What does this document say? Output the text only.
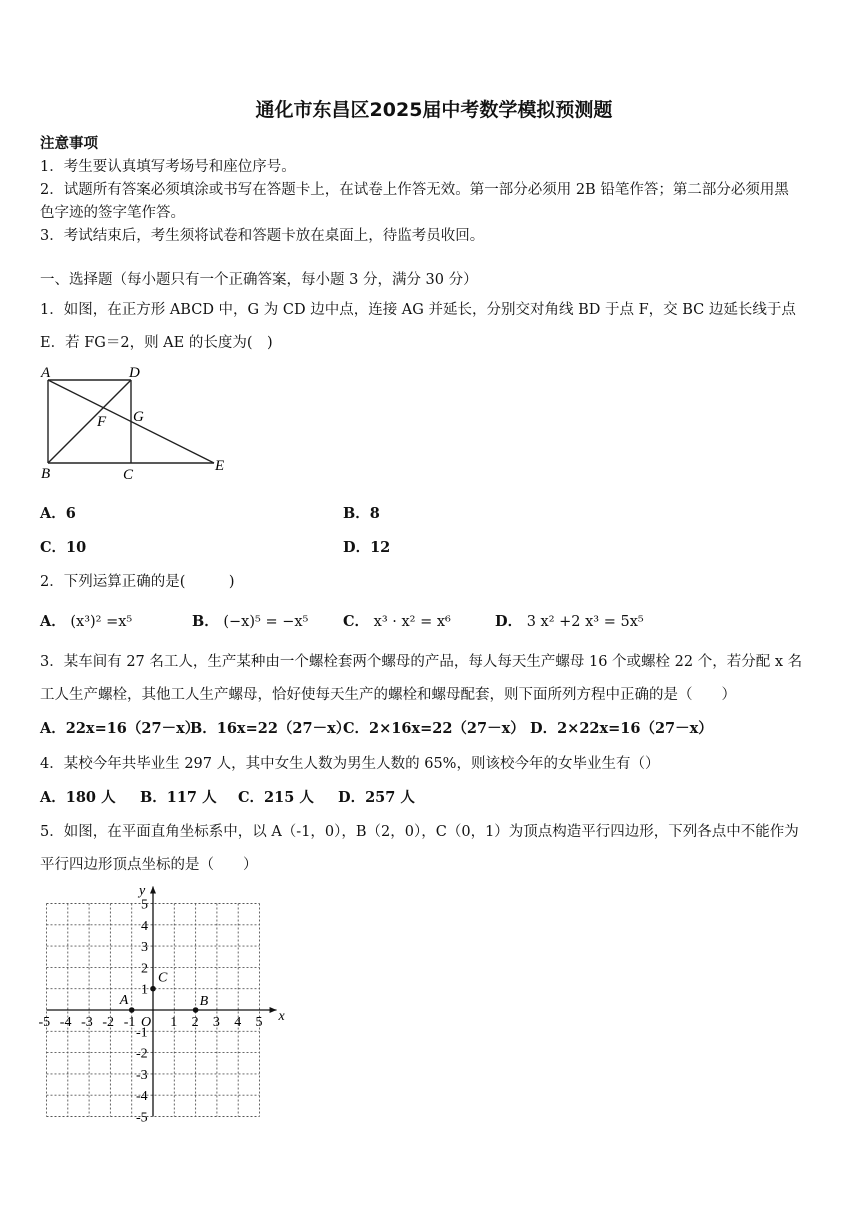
通化市东昌区2025届中考数学模拟预测题
注意事项
1．考生要认真填写考场号和座位序号。
2．试题所有答案必须填涂或书写在答题卡上，在试卷上作答无效。第一部分必须用 2B 铅笔作答；第二部分必须用黑
色字迹的签字笔作答。
3．考试结束后，考生须将试卷和答题卡放在桌面上，待监考员收回。
一、选择题（每小题只有一个正确答案，每小题 3 分，满分 30 分）
1．如图，在正方形 ABCD 中，G 为 CD 边中点，连接 AG 并延长，分别交对角线 BD 于点 F，交 BC 边延长线于点
E．若 FG＝2，则 AE 的长度为(　)
A	D
G
F
B	C
E
A．6	B．8
C．10	D．12
2．下列运算正确的是(　　　)
A． (x³)² =x⁵	B． (−x)⁵ = −x⁵ C． x³ · x² = x⁶	D． 3 x² +2 x³ = 5x⁵
3．某车间有 27 名工人，生产某种由一个螺栓套两个螺母的产品，每人每天生产螺母 16 个或螺栓 22 个，若分配 x 名
工人生产螺栓，其他工人生产螺母，恰好使每天生产的螺栓和螺母配套，则下面所列方程中正确的是（　　）
A．22x=16（27－x）
B．16x=22（27－x）
C．2×16x=22（27－x） D．2×22x=16（27－x）
4．某校今年共毕业生 297 人，其中女生人数为男生人数的 65%，则该校今年的女毕业生有（）
A．180 人 B．117 人 C．215 人 D．257 人
5．如图，在平面直角坐标系中，以 A（-1，0），B（2，0），C（0，1）为顶点构造平行四边形，下列各点中不能作为
平行四边形顶点坐标的是（　　）
x
y
O
-5 -4 -3 -2 -1 1 2 3 4 5
5
4
3
2
1
-1
-2
-3
-4
-5
A	B
C
